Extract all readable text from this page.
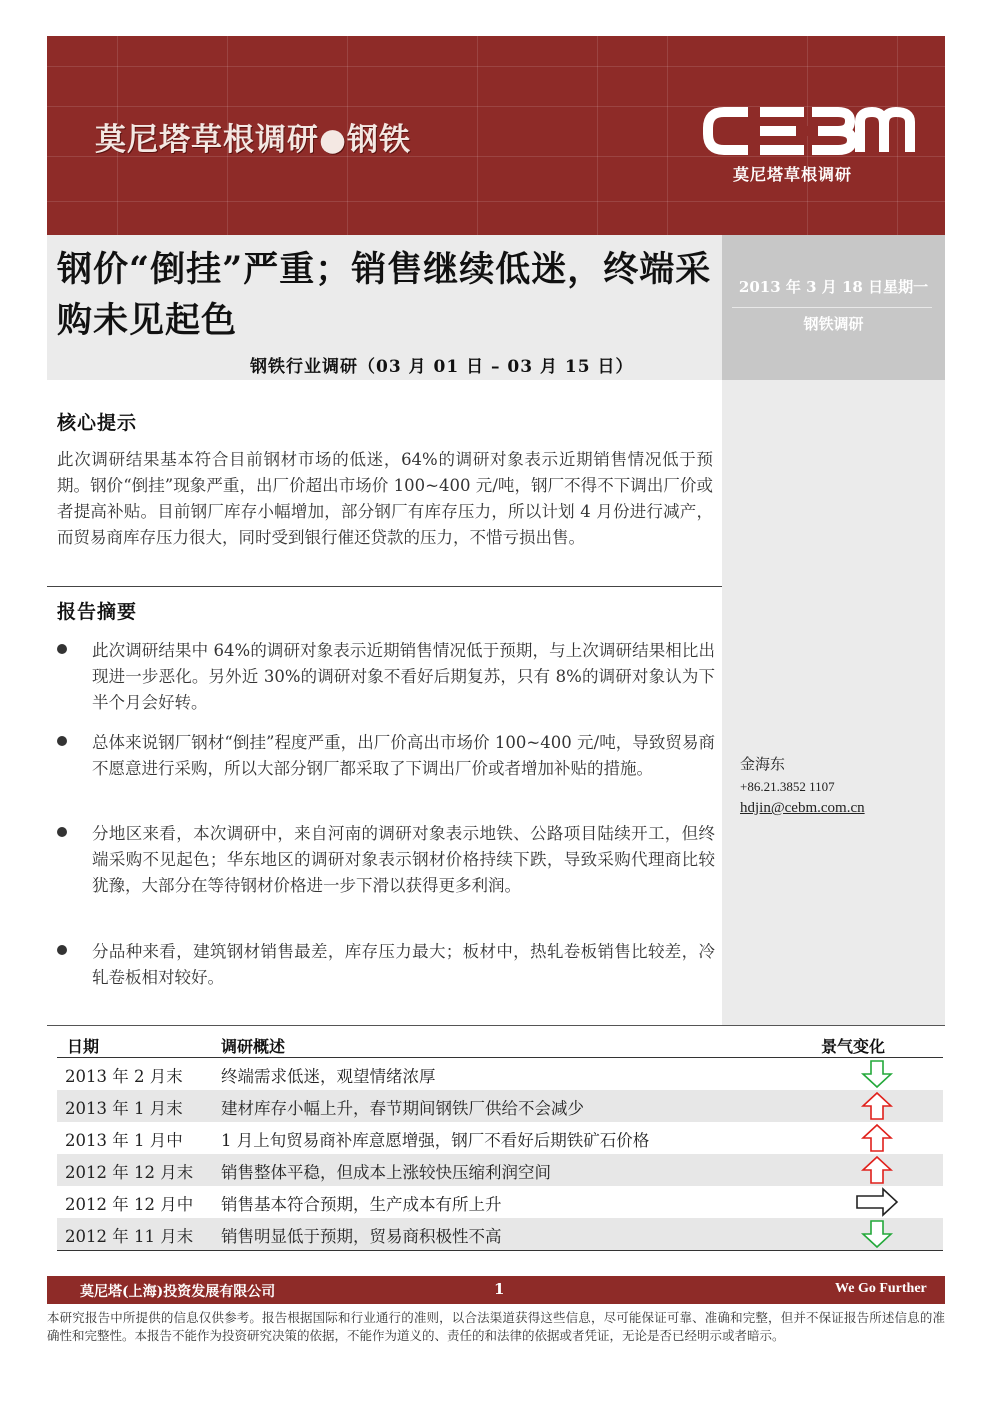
莫尼塔草根调研●钢铁
莫尼塔草根调研
钢价“倒挂”严重；销售继续低迷，终端采购未见起色
钢铁行业调研（03 月 01 日 – 03 月 15 日）
2013 年 3 月 18 日星期一
钢铁调研
核心提示
此次调研结果基本符合目前钢材市场的低迷，64%的调研对象表示近期销售情况低于预期。钢价“倒挂”现象严重，出厂价超出市场价 100~400 元/吨，钢厂不得不下调出厂价或者提高补贴。目前钢厂库存小幅增加，部分钢厂有库存压力，所以计划 4 月份进行减产，而贸易商库存压力很大，同时受到银行催还贷款的压力，不惜亏损出售。
报告摘要
此次调研结果中 64%的调研对象表示近期销售情况低于预期，与上次调研结果相比出现进一步恶化。另外近 30%的调研对象不看好后期复苏，只有 8%的调研对象认为下半个月会好转。
总体来说钢厂钢材“倒挂”程度严重，出厂价高出市场价 100~400 元/吨，导致贸易商不愿意进行采购，所以大部分钢厂都采取了下调出厂价或者增加补贴的措施。
分地区来看，本次调研中，来自河南的调研对象表示地铁、公路项目陆续开工，但终端采购不见起色；华东地区的调研对象表示钢材价格持续下跌，导致采购代理商比较犹豫，大部分在等待钢材价格进一步下滑以获得更多利润。
分品种来看，建筑钢材销售最差，库存压力最大；板材中，热轧卷板销售比较差，冷轧卷板相对较好。
金海东
+86.21.3852 1107
hdjin@cebm.com.cn
日期	调研概述	景气变化
2013 年 2 月末 终端需求低迷，观望情绪浓厚
2013 年 1 月末 建材库存小幅上升，春节期间钢铁厂供给不会减少
2013 年 1 月中 1 月上旬贸易商补库意愿增强，钢厂不看好后期铁矿石价格
2012 年 12 月末 销售整体平稳，但成本上涨较快压缩利润空间
2012 年 12 月中 销售基本符合预期，生产成本有所上升
2012 年 11 月末 销售明显低于预期，贸易商积极性不高
莫尼塔(上海)投资发展有限公司	1	We Go Further
本研究报告中所提供的信息仅供参考。报告根据国际和行业通行的准则，以合法渠道获得这些信息，尽可能保证可靠、准确和完整，但并不保证报告所述信息的准确性和完整性。本报告不能作为投资研究决策的依据，不能作为道义的、责任的和法律的依据或者凭证，无论是否已经明示或者暗示。
